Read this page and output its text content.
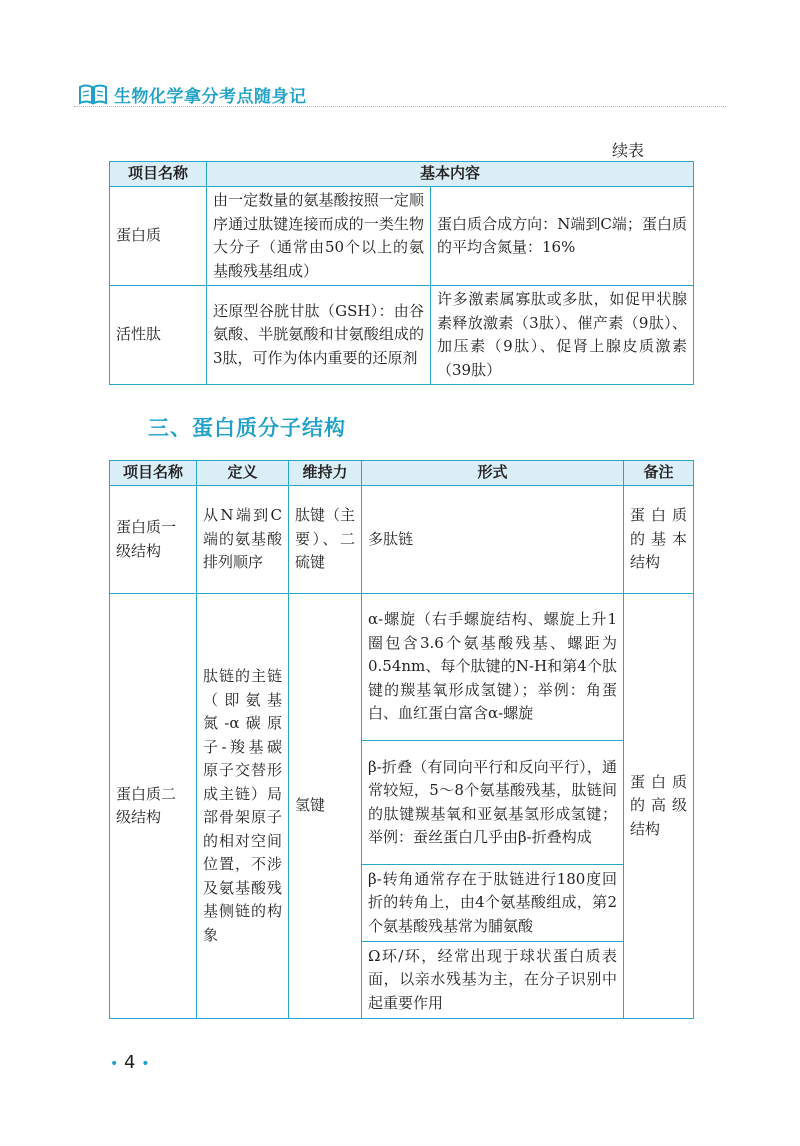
生物化学拿分考点随身记
续表
项目名称	基本内容	
蛋白质	由一定数量的氨基酸按照一定顺序通过肽键连接而成的一类生物大分子（通常由50个以上的氨基酸残基组成）	蛋白质合成方向：N端到C端；蛋白质的平均含氮量：16%
活性肽	还原型谷胱甘肽（GSH）：由谷氨酸、半胱氨酸和甘氨酸组成的3肽，可作为体内重要的还原剂	许多激素属寡肽或多肽，如促甲状腺素释放激素（3肽）、催产素（9肽）、加压素（9肽）、促肾上腺皮质激素（39肽）
三、蛋白质分子结构
项目名称	定义	维持力	形式	备注
蛋白质一级结构	从N端到C端的氨基酸排列顺序	肽键（主要）、二硫键	多肽链	蛋白质的基本结构
蛋白质二级结构	肽链的主链（即氨基氮-α碳原子-羧基碳原子交替形成主链）局部骨架原子的相对空间位置，不涉及氨基酸残基侧链的构象	氢键	α-螺旋（右手螺旋结构、螺旋上升1圈包含3.6个氨基酸残基、螺距为0.54nm、每个肽键的N-H和第4个肽键的羰基氧形成氢键）；举例：角蛋白、血红蛋白富含α-螺旋	蛋白质的高级结构
			β-折叠（有同向平行和反向平行），通常较短，5～8个氨基酸残基，肽链间的肽键羰基氧和亚氨基氢形成氢键；举例：蚕丝蛋白几乎由β-折叠构成	
			β-转角通常存在于肽链进行180度回折的转角上，由4个氨基酸组成，第2个氨基酸残基常为脯氨酸	
			Ω环/环，经常出现于球状蛋白质表面，以亲水残基为主，在分子识别中起重要作用	
• 4 •
